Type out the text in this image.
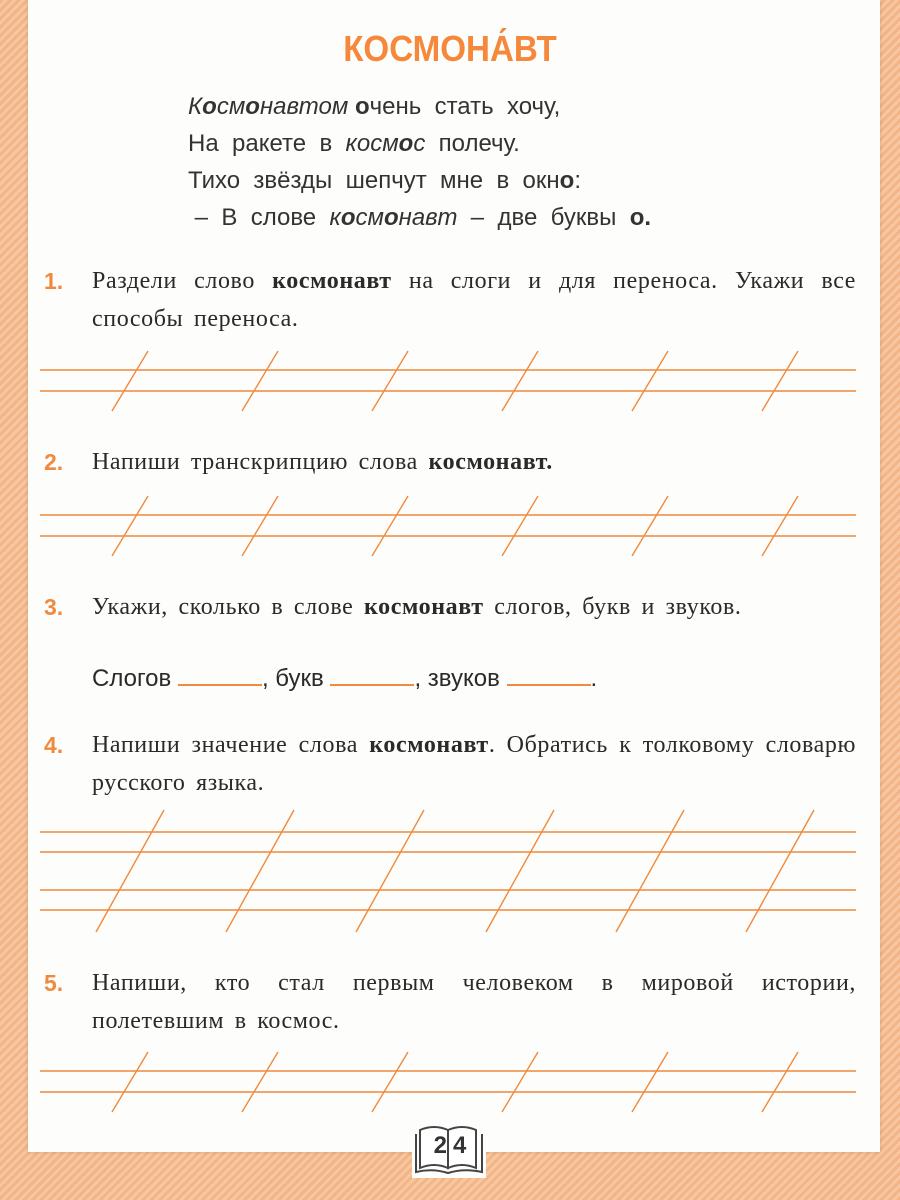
КОСМОНА́ВТ
Космонавтом очень  стать  хочу,
На  ракете  в  космос  полечу.
Тихо  звёзды  шепчут  мне  в  окно:
–  В  слове  космонавт  –  две  буквы  о.
1. Раздели слово космонавт на слоги и для переноса. Укажи все способы переноса.
2. Напиши транскрипцию слова космонавт.
3. Укажи, сколько в слове космонавт слогов, букв и звуков.
Слогов	, букв	, звуков	.
4. Напиши значение слова космонавт. Обратись к толковому словарю русского языка.
5. Напиши, кто стал первым человеком в мировой истории, полетевшим в космос.
24
